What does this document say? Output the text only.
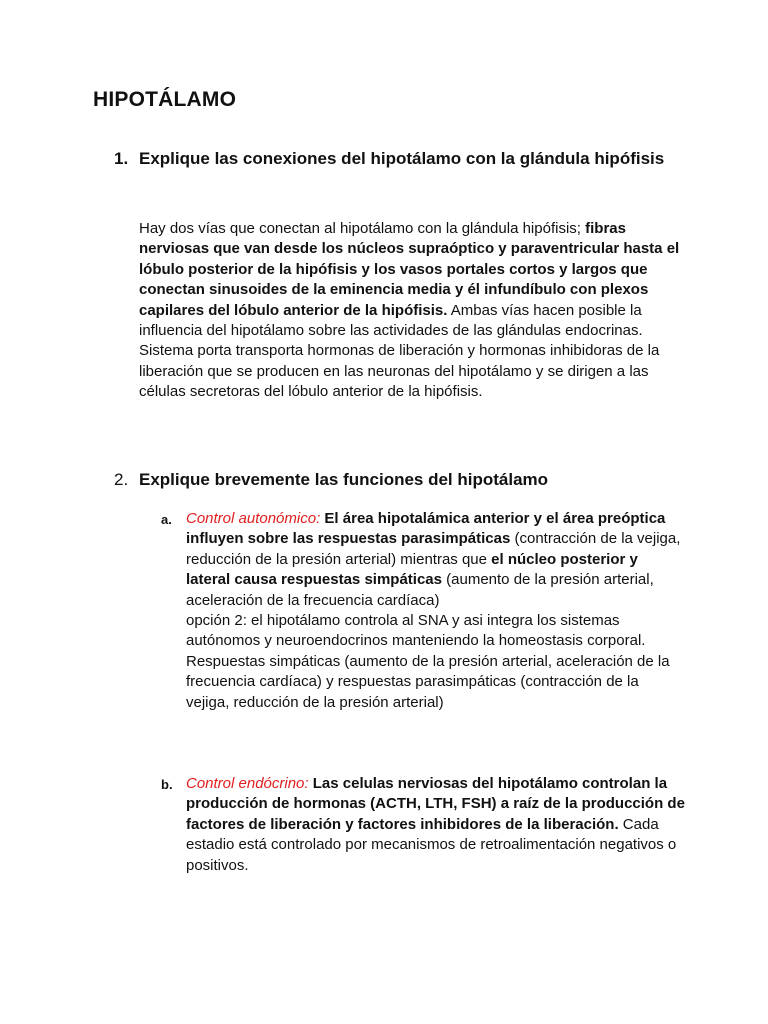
HIPOTÁLAMO
1. Explique las conexiones del hipotálamo con la glándula hipófisis

Hay dos vías que conectan al hipotálamo con la glándula hipófisis; fibras nerviosas que van desde los núcleos supraóptico y paraventricular hasta el lóbulo posterior de la hipófisis y los vasos portales cortos y largos que conectan sinusoides de la eminencia media y él infundíbulo con plexos capilares del lóbulo anterior de la hipófisis. Ambas vías hacen posible la influencia del hipotálamo sobre las actividades de las glándulas endocrinas.
Sistema porta transporta hormonas de liberación y hormonas inhibidoras de la liberación que se producen en las neuronas del hipotálamo y se dirigen a las células secretoras del lóbulo anterior de la hipófisis.

2. Explique brevemente las funciones del hipotálamo
a. Control autonómico: El área hipotalámica anterior y el área preóptica influyen sobre las respuestas parasimpáticas (contracción de la vejiga, reducción de la presión arterial) mientras que el núcleo posterior y lateral causa respuestas simpáticas (aumento de la presión arterial, aceleración de la frecuencia cardíaca)
opción 2: el hipotálamo controla al SNA y asi integra los sistemas autónomos y neuroendocrinos manteniendo la homeostasis corporal. Respuestas simpáticas (aumento de la presión arterial, aceleración de la frecuencia cardíaca) y respuestas parasimpáticas (contracción de la vejiga, reducción de la presión arterial)

b. Control endócrino: Las celulas nerviosas del hipotálamo controlan la producción de hormonas (ACTH, LTH, FSH) a raíz de la producción de factores de liberación y factores inhibidores de la liberación. Cada estadio está controlado por mecanismos de retroalimentación negativos o positivos.
